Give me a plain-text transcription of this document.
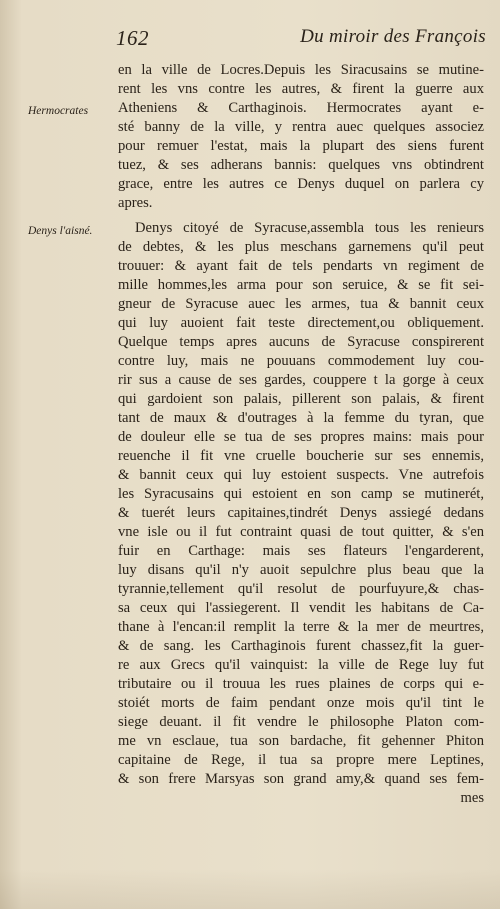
162	Du miroir des François
Hermocrates
Denys l'aisné.
en la ville de Locres.Depuis les Siracusains se mutine-
rent les vns contre les autres, & firent la guerre aux
Atheniens & Carthaginois. Hermocrates ayant e-
sté banny de la ville, y rentra auec quelques associez
pour remuer l'estat, mais la plupart des siens furent
tuez, & ses adherans bannis: quelques vns obtindrent
grace, entre les autres ce Denys duquel on parlera cy
apres.
Denys citoyé de Syracuse,assembla tous les renieurs
de debtes, & les plus meschans garnemens qu'il peut
trouuer: & ayant fait de tels pendarts vn regiment de
mille hommes,les arma pour son seruice, & se fit sei-
gneur de Syracuse auec les armes, tua & bannit ceux
qui luy auoient fait teste directement,ou obliquement.
Quelque temps apres aucuns de Syracuse conspirerent
contre luy, mais ne pouuans commodement luy cou-
rir sus a cause de ses gardes, couppere t la gorge à ceux
qui gardoient son palais, pillerent son palais, & firent
tant de maux & d'outrages à la femme du tyran, que
de douleur elle se tua de ses propres mains: mais pour
reuenche il fit vne cruelle boucherie sur ses ennemis,
& bannit ceux qui luy estoient suspects. Vne autrefois
les Syracusains qui estoient en son camp se mutinerét,
& tuerét leurs capitaines,tindrét Denys assiegé dedans
vne isle ou il fut contraint quasi de tout quitter, & s'en
fuir en Carthage: mais ses flateurs l'engarderent,
luy disans qu'il n'y auoit sepulchre plus beau que la
tyrannie,tellement qu'il resolut de pourfuyure,& chas-
sa ceux qui l'assiegerent. Il vendit les habitans de Ca-
thane à l'encan:il remplit la terre & la mer de meurtres,
& de sang. les Carthaginois furent chassez,fit la guer-
re aux Grecs qu'il vainquist: la ville de Rege luy fut
tributaire ou il trouua les rues plaines de corps qui e-
stoiét morts de faim pendant onze mois qu'il tint le
siege deuant. il fit vendre le philosophe Platon com-
me vn esclaue, tua son bardache, fit gehenner Phiton
capitaine de Rege, il tua sa propre mere Leptines,
& son frere Marsyas son grand amy,& quand ses fem-
mes
